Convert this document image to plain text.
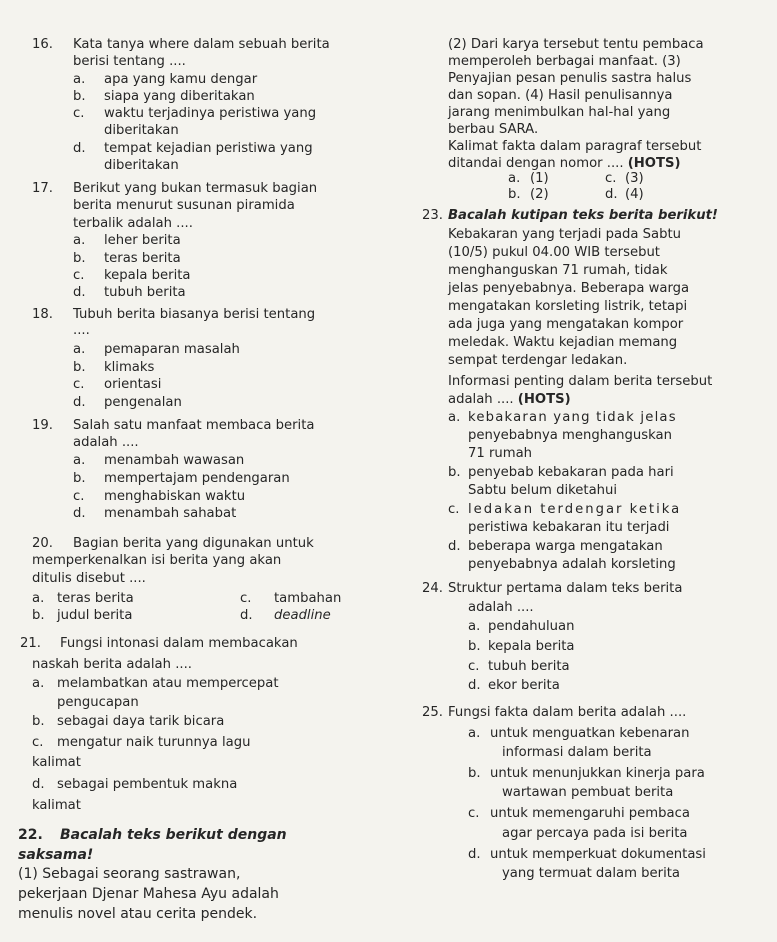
16. Kata tanya where dalam sebuah berita
berisi tentang ....
a. apa yang kamu dengar
b. siapa yang diberitakan
c. waktu terjadinya peristiwa yang
diberitakan
d. tempat kejadian peristiwa yang
diberitakan
17. Berikut yang bukan termasuk bagian
berita menurut susunan piramida
terbalik adalah ....
a. leher berita
b. teras berita
c. kepala berita
d. tubuh berita
18. Tubuh berita biasanya berisi tentang
....
a. pemaparan masalah
b. klimaks
c. orientasi
d. pengenalan
19. Salah satu manfaat membaca berita
adalah ....
a. menambah wawasan
b. mempertajam pendengaran
c. menghabiskan waktu
d. menambah sahabat
20. Bagian berita yang digunakan untuk
memperkenalkan isi berita yang akan
ditulis disebut ....
a. teras berita	c. tambahan
b. judul berita	d. deadline
21. Fungsi intonasi dalam membacakan
naskah berita adalah ....
a. melambatkan atau mempercepat
pengucapan
b. sebagai daya tarik bicara
c. mengatur naik turunnya lagu
kalimat
d. sebagai pembentuk makna
kalimat
22. Bacalah teks berikut dengan
saksama!
(1) Sebagai seorang sastrawan,
pekerjaan Djenar Mahesa Ayu adalah
menulis novel atau cerita pendek.
(2) Dari karya tersebut tentu pembaca
memperoleh berbagai manfaat. (3)
Penyajian pesan penulis sastra halus
dan sopan. (4) Hasil penulisannya
jarang menimbulkan hal-hal yang
berbau SARA.
Kalimat fakta dalam paragraf tersebut
ditandai dengan nomor .... (HOTS)
a. (1)
b. (2)
c. (3)
d. (4)
23. Bacalah kutipan teks berita berikut!
Kebakaran yang terjadi pada Sabtu
(10/5) pukul 04.00 WIB tersebut
menghanguskan 71 rumah, tidak
jelas penyebabnya. Beberapa warga
mengatakan korsleting listrik, tetapi
ada juga yang mengatakan kompor
meledak. Waktu kejadian memang
sempat terdengar ledakan.
Informasi penting dalam berita tersebut
adalah .... (HOTS)
a. kebakaran yang tidak jelas
penyebabnya menghanguskan
71 rumah
b. penyebab kebakaran pada hari
Sabtu belum diketahui
c. ledakan terdengar ketika
peristiwa kebakaran itu terjadi
d. beberapa warga mengatakan
penyebabnya adalah korsleting
24. Struktur pertama dalam teks berita
adalah ....
a. pendahuluan
b. kepala berita
c. tubuh berita
d. ekor berita
25. Fungsi fakta dalam berita adalah ....
a. untuk menguatkan kebenaran
informasi dalam berita
b. untuk menunjukkan kinerja para
wartawan pembuat berita
c. untuk memengaruhi pembaca
agar percaya pada isi berita
d. untuk memperkuat dokumentasi
yang termuat dalam berita
